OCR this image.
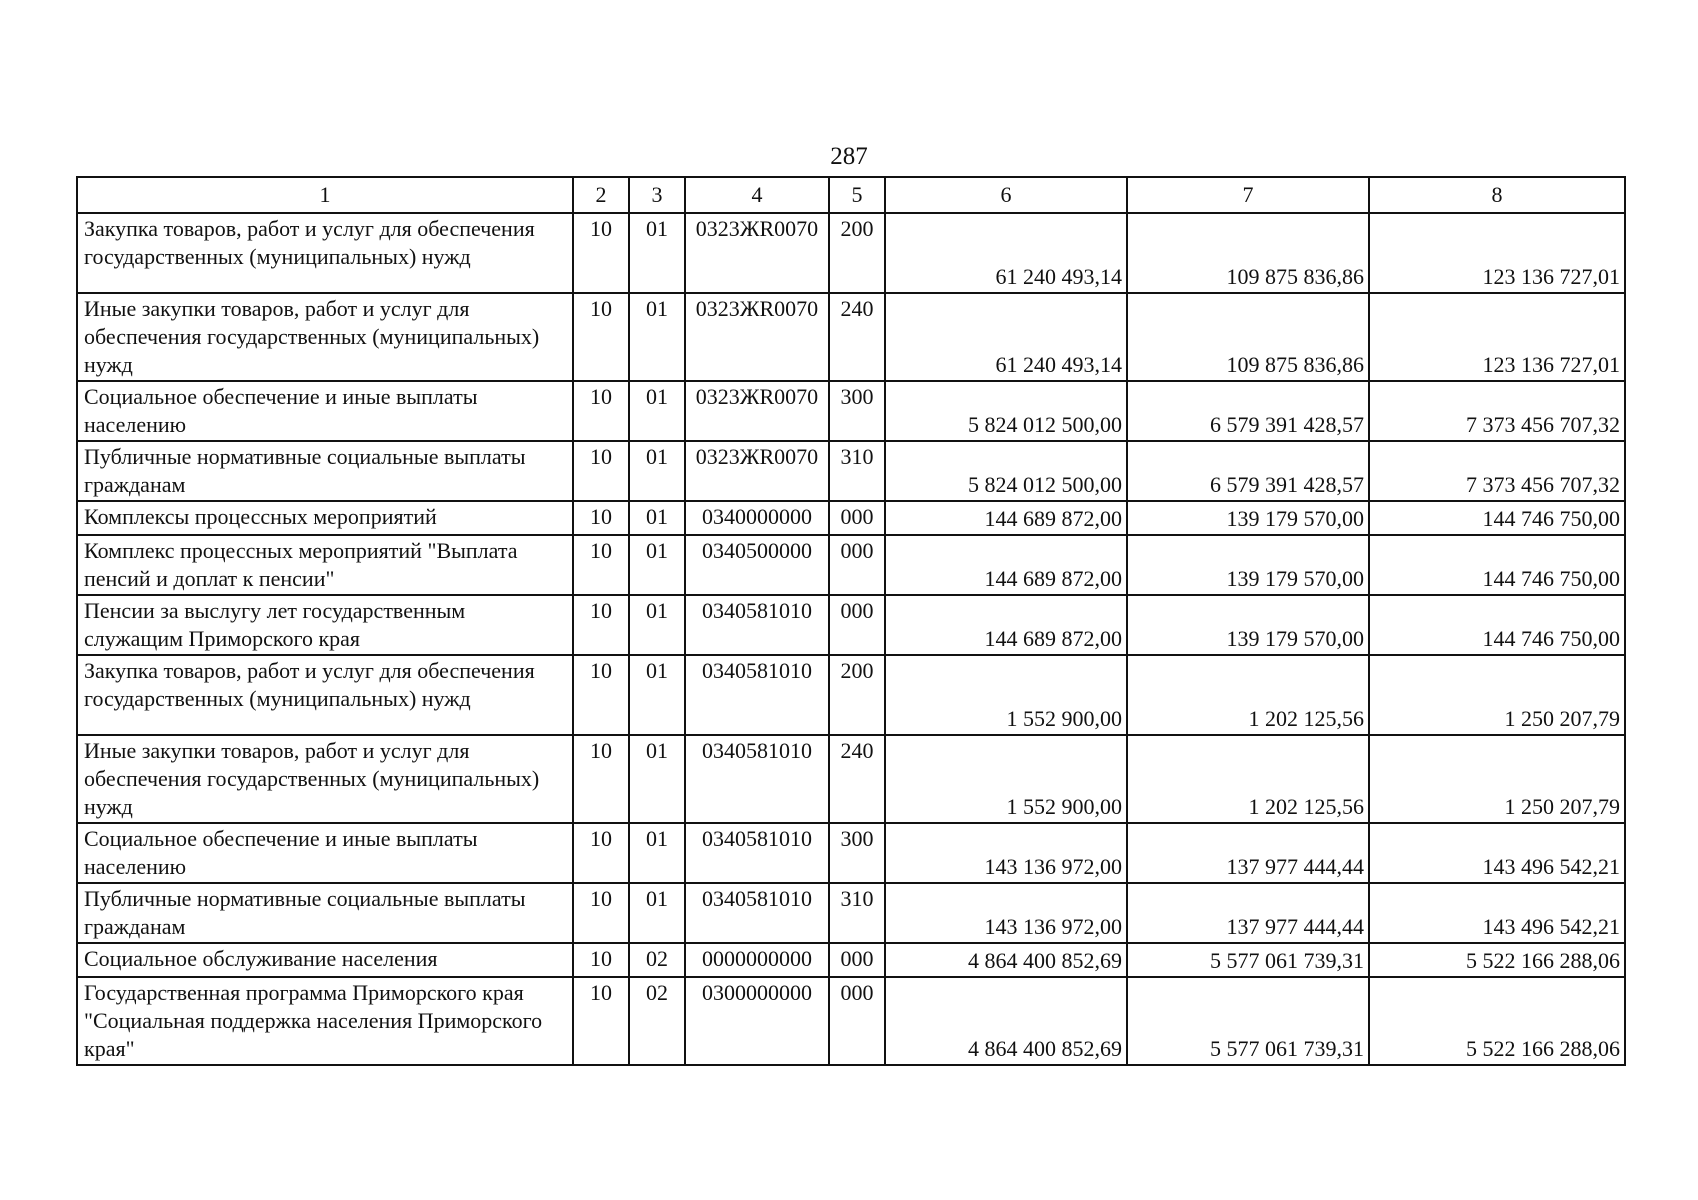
287
1	2	3	4	5	6	7	8
Закупка товаров, работ и услуг для обеспечения государственных (муниципальных) нужд	10	01	0323ЖR0070	200	61 240 493,14	109 875 836,86	123 136 727,01
Иные закупки товаров, работ и услуг для обеспечения государственных (муниципальных) нужд	10	01	0323ЖR0070	240	61 240 493,14	109 875 836,86	123 136 727,01
Социальное обеспечение и иные выплаты населению	10	01	0323ЖR0070	300	5 824 012 500,00	6 579 391 428,57	7 373 456 707,32
Публичные нормативные социальные выплаты гражданам	10	01	0323ЖR0070	310	5 824 012 500,00	6 579 391 428,57	7 373 456 707,32
Комплексы процессных мероприятий	10	01	0340000000	000	144 689 872,00	139 179 570,00	144 746 750,00
Комплекс процессных мероприятий "Выплата пенсий и доплат к пенсии"	10	01	0340500000	000	144 689 872,00	139 179 570,00	144 746 750,00
Пенсии за выслугу лет государственным служащим Приморского края	10	01	0340581010	000	144 689 872,00	139 179 570,00	144 746 750,00
Закупка товаров, работ и услуг для обеспечения государственных (муниципальных) нужд	10	01	0340581010	200	1 552 900,00	1 202 125,56	1 250 207,79
Иные закупки товаров, работ и услуг для обеспечения государственных (муниципальных) нужд	10	01	0340581010	240	1 552 900,00	1 202 125,56	1 250 207,79
Социальное обеспечение и иные выплаты населению	10	01	0340581010	300	143 136 972,00	137 977 444,44	143 496 542,21
Публичные нормативные социальные выплаты гражданам	10	01	0340581010	310	143 136 972,00	137 977 444,44	143 496 542,21
Социальное обслуживание населения	10	02	0000000000	000	4 864 400 852,69	5 577 061 739,31	5 522 166 288,06
Государственная программа Приморского края "Социальная поддержка населения Приморского края"	10	02	0300000000	000	4 864 400 852,69	5 577 061 739,31	5 522 166 288,06
